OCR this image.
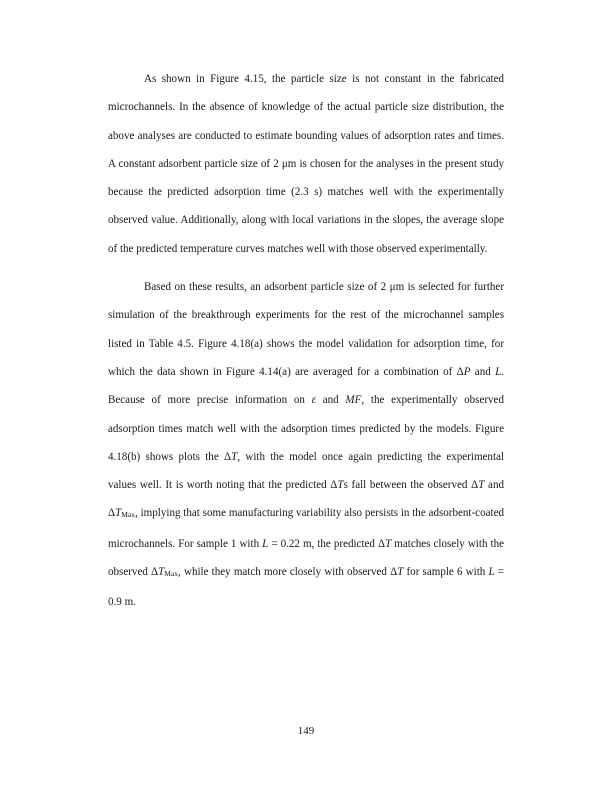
As shown in Figure 4.15, the particle size is not constant in the fabricated microchannels. In the absence of knowledge of the actual particle size distribution, the above analyses are conducted to estimate bounding values of adsorption rates and times. A constant adsorbent particle size of 2 μm is chosen for the analyses in the present study because the predicted adsorption time (2.3 s) matches well with the experimentally observed value. Additionally, along with local variations in the slopes, the average slope of the predicted temperature curves matches well with those observed experimentally.

Based on these results, an adsorbent particle size of 2 μm is selected for further simulation of the breakthrough experiments for the rest of the microchannel samples listed in Table 4.5. Figure 4.18(a) shows the model validation for adsorption time, for which the data shown in Figure 4.14(a) are averaged for a combination of ΔP and L. Because of more precise information on ε and MF, the experimentally observed adsorption times match well with the adsorption times predicted by the models. Figure 4.18(b) shows plots the ΔT, with the model once again predicting the experimental values well. It is worth noting that the predicted ΔTs fall between the observed ΔT and $\Delta T_{Max}$, implying that some manufacturing variability also persists in the adsorbent-coated microchannels. For sample 1 with L = 0.22 m, the predicted ΔT matches closely with the observed $\Delta T_{Max}$, while they match more closely with observed ΔT for sample 6 with L = 0.9 m.

149
